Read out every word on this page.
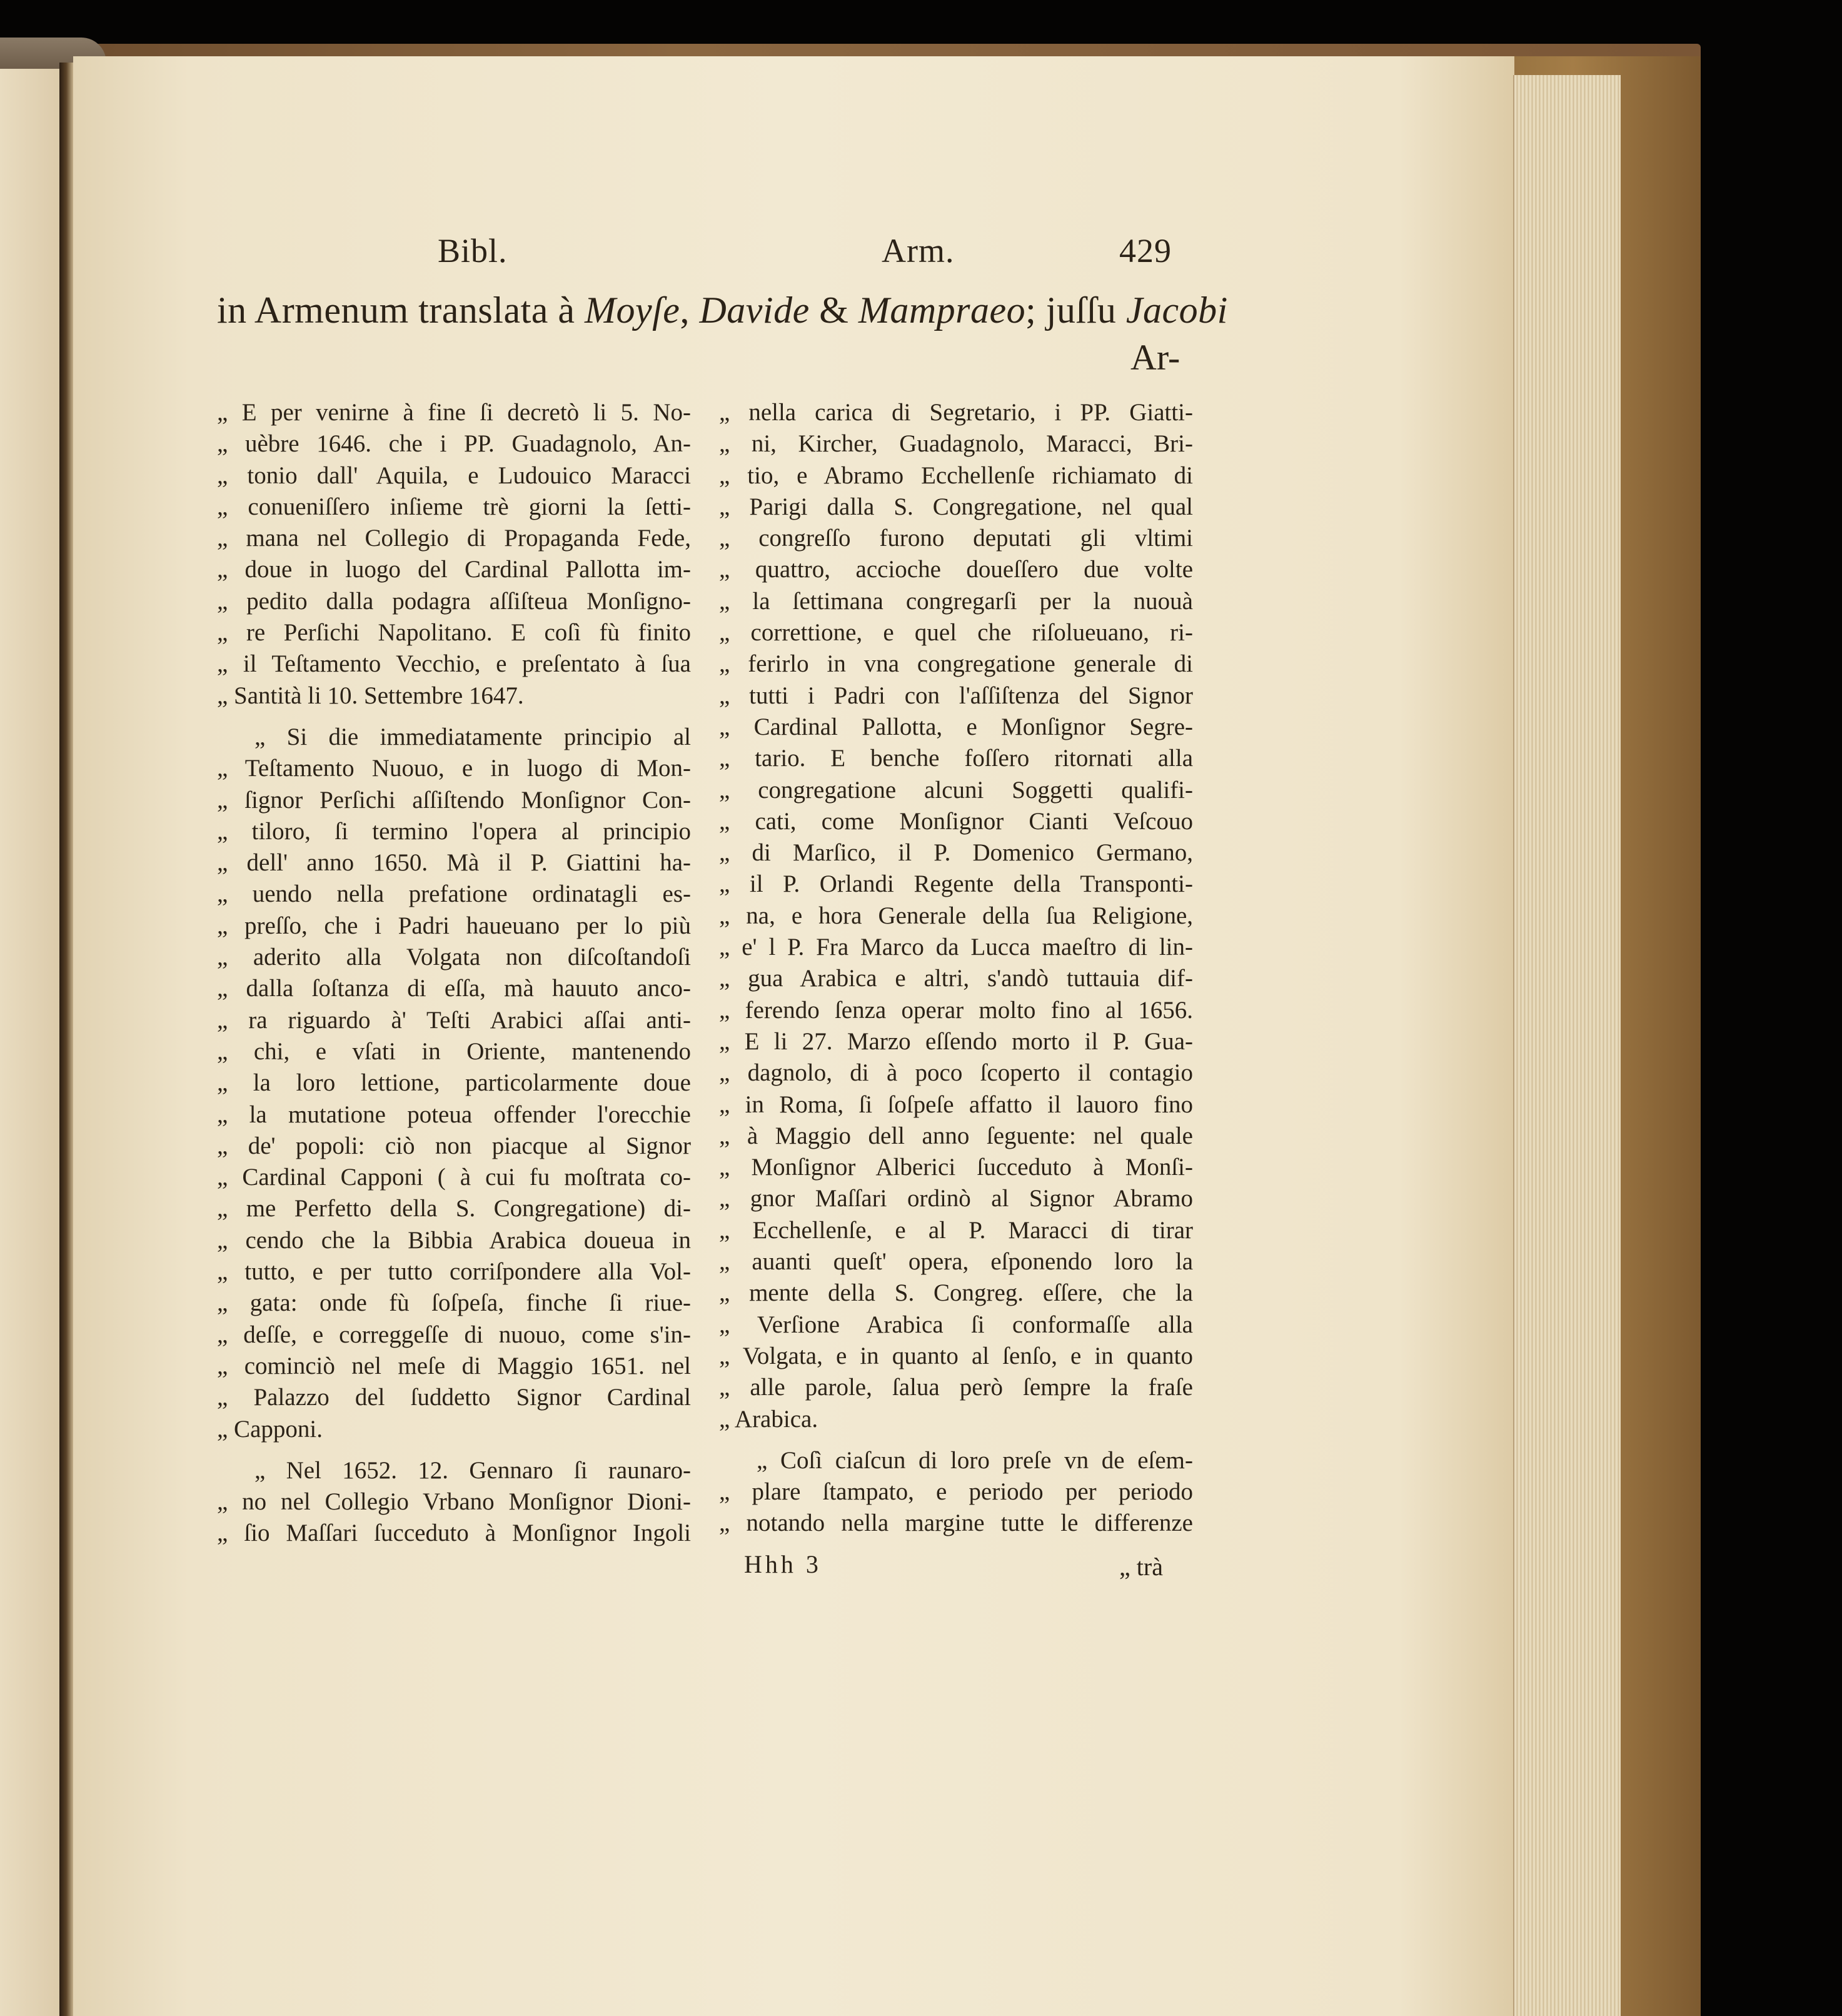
Bibl.	Arm.	429
in Armenum translata à Moyſe, Davide & Mampraeo; juſſu Jacobi
Ar-
„ E per venirne à fine ſi decretò li 5. No-
„ uèbre 1646. che i PP. Guadagnolo, An-
„ tonio dall' Aquila, e Ludouico Maracci
„ conueniſſero inſieme trè giorni la ſetti-
„ mana nel Collegio di Propaganda Fede,
„ doue in luogo del Cardinal Pallotta im-
„ pedito dalla podagra aſſiſteua Monſigno-
„ re Perſichi Napolitano. E coſì fù finito
„ il Teſtamento Vecchio, e preſentato à ſua
„ Santità li 10. Settembre 1647.
„ Si die immediatamente principio al
„ Teſtamento Nuouo, e in luogo di Mon-
„ ſignor Perſichi aſſiſtendo Monſignor Con-
„ tiloro, ſi termino l'opera al principio
„ dell' anno 1650. Mà il P. Giattini ha-
„ uendo nella prefatione ordinatagli es-
„ preſſo, che i Padri haueuano per lo più
„ aderito alla Volgata non diſcoſtandoſi
„ dalla ſoſtanza di eſſa, mà hauuto anco-
„ ra riguardo à' Teſti Arabici aſſai anti-
„ chi, e vſati in Oriente, mantenendo
„ la loro lettione, particolarmente doue
„ la mutatione poteua offender l'orecchie
„ de' popoli: ciò non piacque al Signor
„ Cardinal Capponi ( à cui fu moſtrata co-
„ me Perfetto della S. Congregatione) di-
„ cendo che la Bibbia Arabica doueua in
„ tutto, e per tutto corriſpondere alla Vol-
„ gata: onde fù ſoſpeſa, finche ſi riue-
„ deſſe, e correggeſſe di nuouo, come s'in-
„ cominciò nel meſe di Maggio 1651. nel
„ Palazzo del ſuddetto Signor Cardinal
„ Capponi.
„ Nel 1652. 12. Gennaro ſi raunaro-
„ no nel Collegio Vrbano Monſignor Dioni-
„ ſio Maſſari ſucceduto à Monſignor Ingoli
„ nella carica di Segretario, i PP. Giatti-
„ ni, Kircher, Guadagnolo, Maracci, Bri-
„ tio, e Abramo Ecchellenſe richiamato di
„ Parigi dalla S. Congregatione, nel qual
„ congreſſo furono deputati gli vltimi
„ quattro, accioche doueſſero due volte
„ la ſettimana congregarſi per la nuouà
„ correttione, e quel che riſolueuano, ri-
„ ferirlo in vna congregatione generale di
„ tutti i Padri con l'aſſiſtenza del Signor
„ Cardinal Pallotta, e Monſignor Segre-
„ tario. E benche foſſero ritornati alla
„ congregatione alcuni Soggetti qualifi-
„ cati, come Monſignor Cianti Veſcouo
„ di Marſico, il P. Domenico Germano,
„ il P. Orlandi Regente della Transponti-
„ na, e hora Generale della ſua Religione,
„ e' l P. Fra Marco da Lucca maeſtro di lin-
„ gua Arabica e altri, s'andò tuttauia dif-
„ ferendo ſenza operar molto fino al 1656.
„ E li 27. Marzo eſſendo morto il P. Gua-
„ dagnolo, di à poco ſcoperto il contagio
„ in Roma, ſi ſoſpeſe affatto il lauoro fino
„ à Maggio dell anno ſeguente: nel quale
„ Monſignor Alberici ſucceduto à Monſi-
„ gnor Maſſari ordinò al Signor Abramo
„ Ecchellenſe, e al P. Maracci di tirar
„ auanti queſt' opera, eſponendo loro la
„ mente della S. Congreg. eſſere, che la
„ Verſione Arabica ſi conformaſſe alla
„ Volgata, e in quanto al ſenſo, e in quanto
„ alle parole, ſalua però ſempre la fraſe
„ Arabica.
„ Coſì ciaſcun di loro preſe vn de eſem-
„ plare ſtampato, e periodo per periodo
„ notando nella margine tutte le differenze
Hhh 3	„ trà
